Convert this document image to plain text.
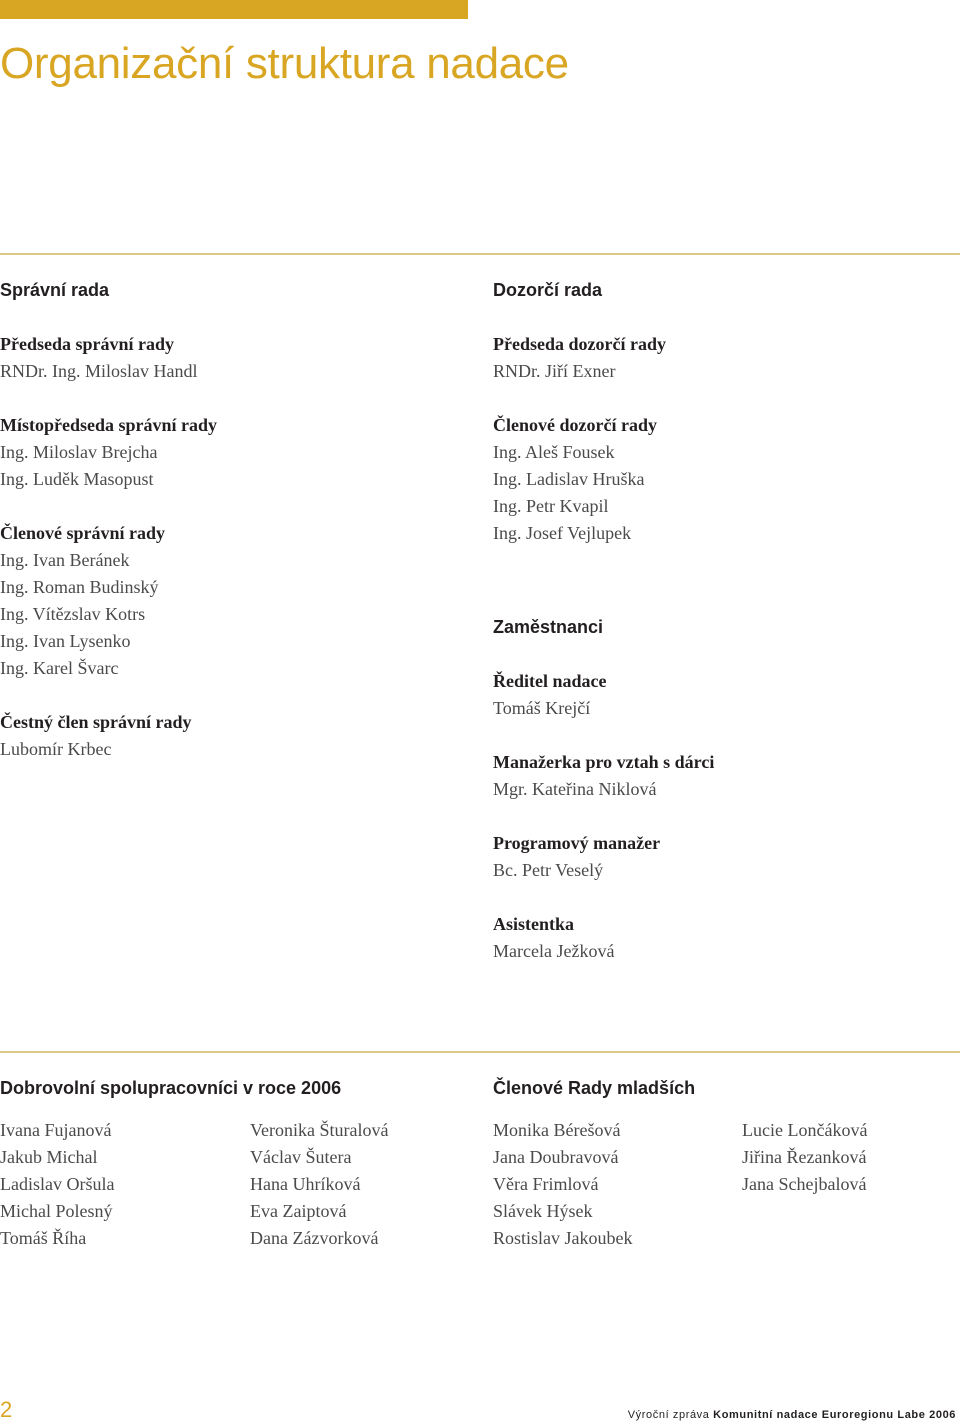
Organizační struktura nadace
Správní rada
Předseda správní rady
RNDr. Ing. Miloslav Handl
Místopředseda správní rady
Ing. Miloslav Brejcha
Ing. Luděk Masopust
Členové správní rady
Ing. Ivan Beránek
Ing. Roman Budinský
Ing. Vítězslav Kotrs
Ing. Ivan Lysenko
Ing. Karel Švarc
Čestný člen správní rady
Lubomír Krbec
Dozorčí rada
Předseda dozorčí rady
RNDr. Jiří Exner
Členové dozorčí rady
Ing. Aleš Fousek
Ing. Ladislav Hruška
Ing. Petr Kvapil
Ing. Josef Vejlupek
Zaměstnanci
Ředitel nadace
Tomáš Krejčí
Manažerka pro vztah s dárci
Mgr. Kateřina Niklová
Programový manažer
Bc. Petr Veselý
Asistentka
Marcela Ježková
Dobrovolní spolupracovníci v roce 2006
Ivana Fujanová
Jakub Michal
Ladislav Oršula
Michal Polesný
Tomáš Říha
Veronika Šturalová
Václav Šutera
Hana Uhríková
Eva Zaiptová
Dana Zázvorková
Členové Rady mladších
Monika Bérešová
Jana Doubravová
Věra Frimlová
Slávek Hýsek
Rostislav Jakoubek
Lucie Lončáková
Jiřina Řezanková
Jana Schejbalová
2	Výroční zpráva Komunitní nadace Euroregionu Labe 2006
